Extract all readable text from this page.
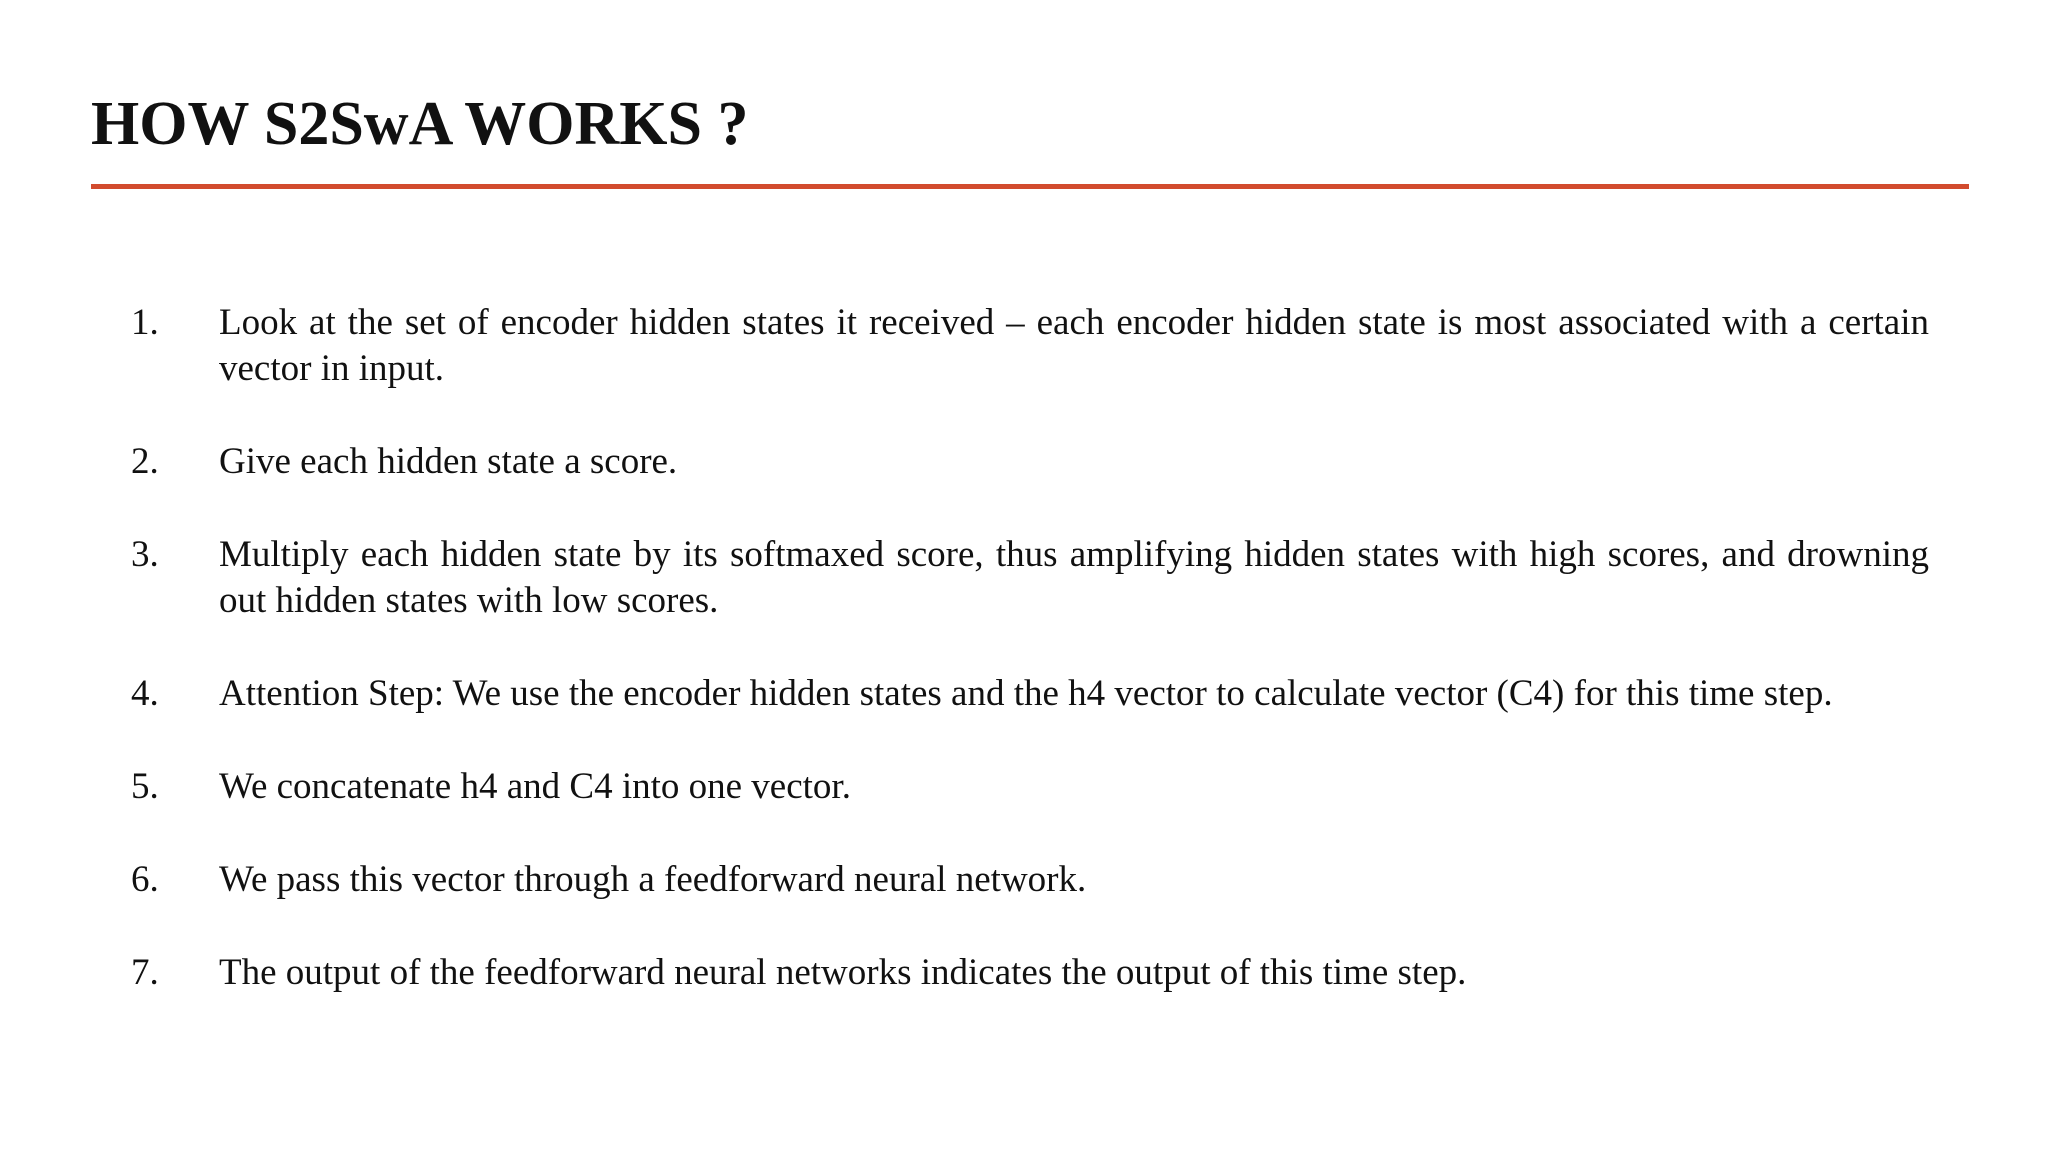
HOW S2SwA WORKS ?
1.	Look at the set of encoder hidden states it received – each encoder hidden state is most associated with a certain vector in input.
2.	Give each hidden state a score.
3.	Multiply each hidden state by its softmaxed score, thus amplifying hidden states with high scores, and drowning out hidden states with low scores.
4.	Attention Step: We use the encoder hidden states and the h4 vector to calculate vector (C4) for this time step.
5.	We concatenate h4 and C4 into one vector.
6.	We pass this vector through a feedforward neural network.
7.	The output of the feedforward neural networks indicates the output of this time step.
